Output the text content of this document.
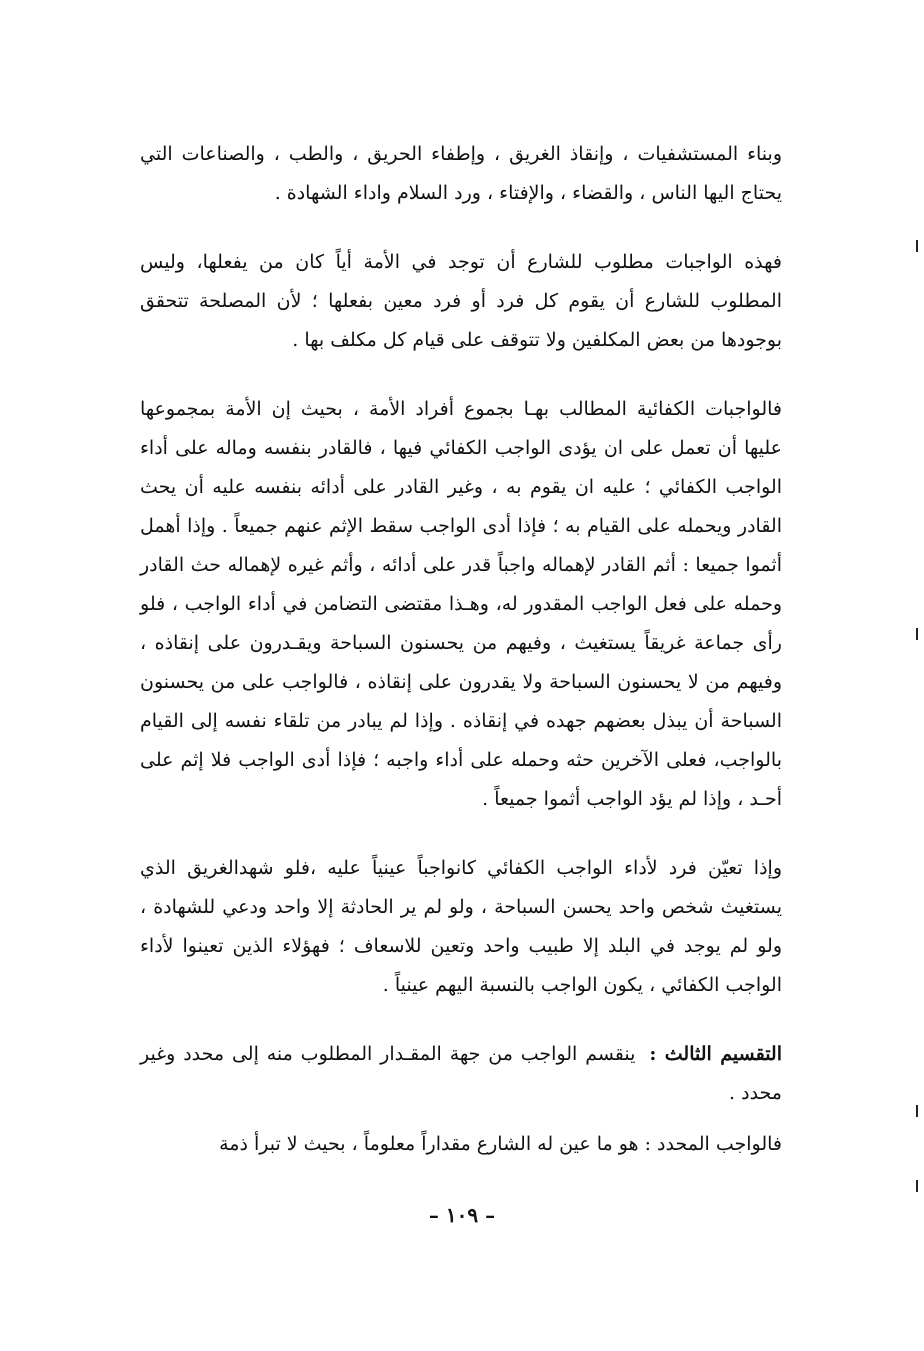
وبناء المستشفيات ، وإنقاذ الغريق ، وإطفاء الحريق ، والطب ، والصناعات التي يحتاج اليها الناس ، والقضاء ، والإفتاء ، ورد السلام واداء الشهادة .

فهذه الواجبات مطلوب للشارع أن توجد في الأمة أياً كان من يفعلها، وليس المطلوب للشارع أن يقوم كل فرد أو فرد معين بفعلها ؛ لأن المصلحة تتحقق بوجودها من بعض المكلفين ولا تتوقف على قيام كل مكلف بها .

فالواجبات الكفائية المطالب بهـا بجموع أفراد الأمة ، بحيث إن الأمة بمجموعها عليها أن تعمل على ان يؤدى الواجب الكفائي فيها ، فالقادر بنفسه وماله على أداء الواجب الكفائي ؛ عليه ان يقوم به ، وغير القادر على أدائه بنفسه عليه أن يحث القادر ويحمله على القيام به ؛ فإذا أدى الواجب سقط الإثم عنهم جميعاً . وإذا أهمل أثموا جميعا : أثم القادر لإهماله واجباً قدر على أدائه ، وأثم غيره لإهماله حث القادر وحمله على فعل الواجب المقدور له، وهـذا مقتضى التضامن في أداء الواجب ، فلو رأى جماعة غريقاً يستغيث ، وفيهم من يحسنون السباحة ويقـدرون على إنقاذه ، وفيهم من لا يحسنون السباحة ولا يقدرون على إنقاذه ، فالواجب على من يحسنون السباحة أن يبذل بعضهم جهده في إنقاذه . وإذا لم يبادر من تلقاء نفسه إلى القيام بالواجب، فعلى الآخرين حثه وحمله على أداء واجبه ؛ فإذا أدى الواجب فلا إثم على أحـد ، وإذا لم يؤد الواجب أثموا جميعاً .

وإذا تعيّن فرد لأداء الواجب الكفائي كانواجباً عينياً عليه ،فلو شهدالغريق الذي يستغيث شخص واحد يحسن السباحة ، ولو لم ير الحادثة إلا واحد ودعي للشهادة ، ولو لم يوجد في البلد إلا طبيب واحد وتعين للاسعاف ؛ فهؤلاء الذين تعينوا لأداء الواجب الكفائي ، يكون الواجب بالنسبة اليهم عينياً .

التقسيم الثالث : ينقسم الواجب من جهة المقـدار المطلوب منه إلى محدد وغير محدد .

فالواجب المحدد : هو ما عين له الشارع مقداراً معلوماً ، بحيث لا تبرأ ذمة

– ١٠٩ –
